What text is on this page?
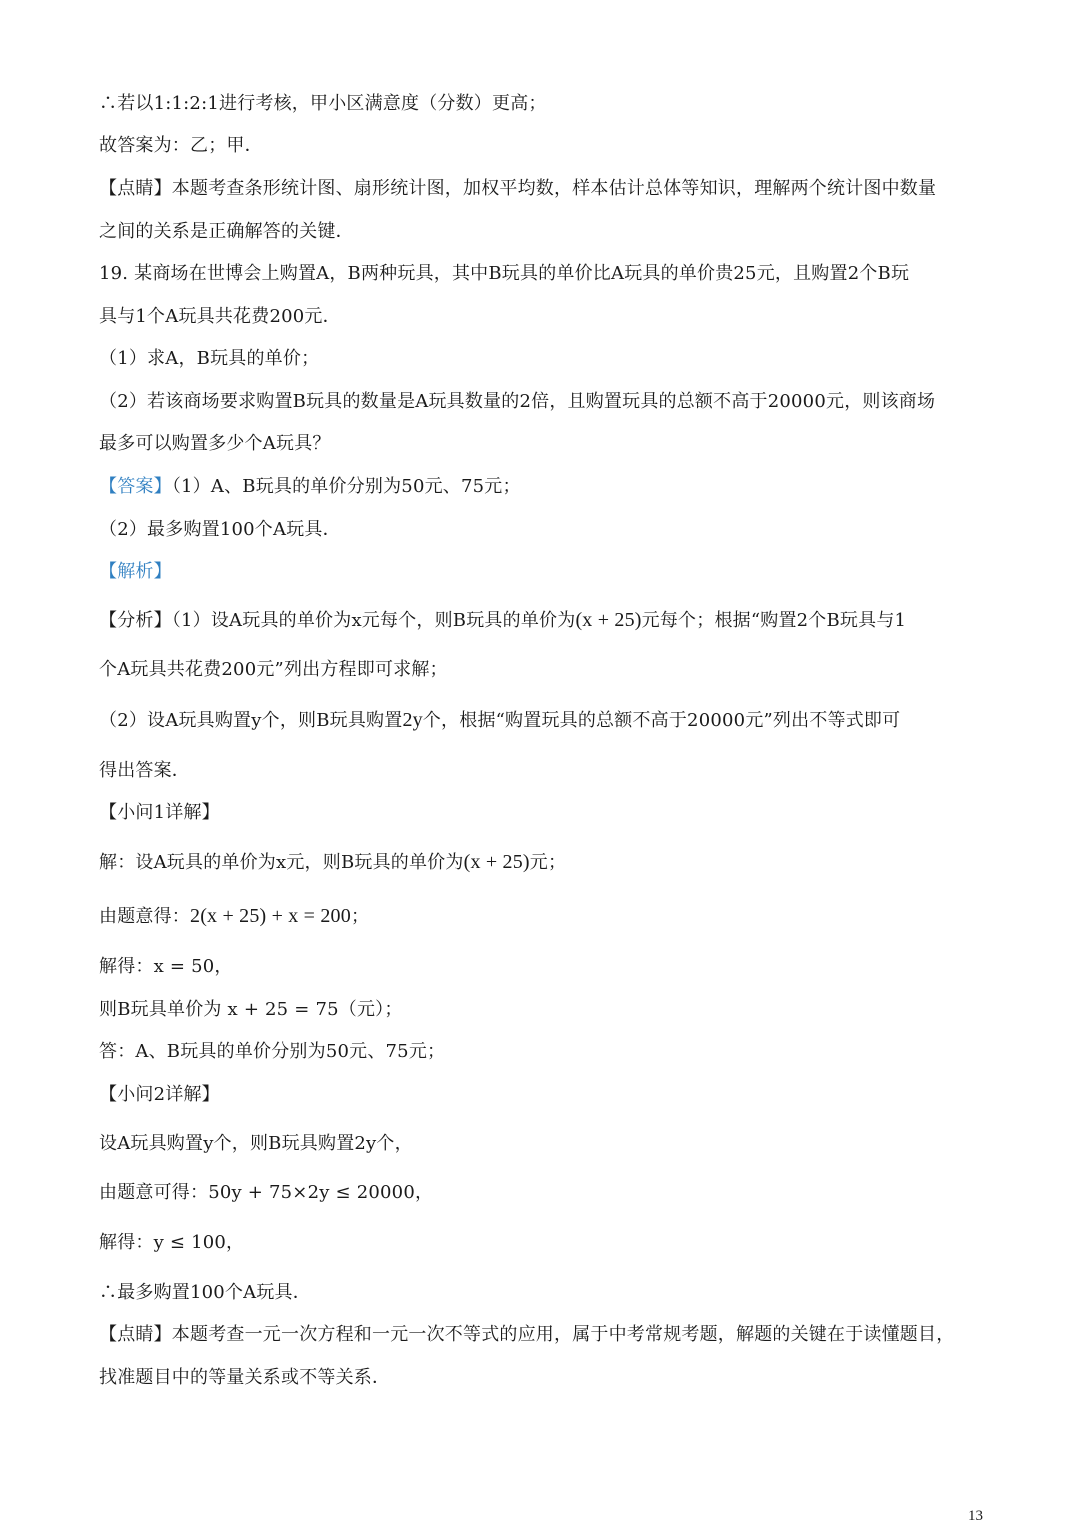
∴若以1:1:2:1进行考核，甲小区满意度（分数）更高；
故答案为：乙；甲．
【点睛】本题考查条形统计图、扇形统计图，加权平均数，样本估计总体等知识，理解两个统计图中数量
之间的关系是正确解答的关键．
19. 某商场在世博会上购置A，B两种玩具，其中B玩具的单价比A玩具的单价贵25元，且购置2个B玩
具与1个A玩具共花费200元．
（1）求A，B玩具的单价；
（2）若该商场要求购置B玩具的数量是A玩具数量的2倍，且购置玩具的总额不高于20000元，则该商场
最多可以购置多少个A玩具？
（2）最多购置100个A玩具．
个A玩具共花费200元”列出方程即可求解；
得出答案．
【小问1详解】
解得：x = 50，
则B玩具单价为 x + 25 = 75（元）；
答：A、B玩具的单价分别为50元、75元；
【小问2详解】
设A玩具购置y个，则B玩具购置2y个，
由题意可得：50y + 75×2y ≤ 20000，
解得：y ≤ 100，
∴最多购置100个A玩具．
【点睛】本题考查一元一次方程和一元一次不等式的应用，属于中考常规考题，解题的关键在于读懂题目，
找准题目中的等量关系或不等关系．
【答案】（1）A、B玩具的单价分别为50元、75元；
【解析】
【分析】（1）设A玩具的单价为x元每个，则B玩具的单价为(x + 25)元每个；根据“购置2个B玩具与1
（2）设A玩具购置y个，则B玩具购置2y个，根据“购置玩具的总额不高于20000元”列出不等式即可
解：设A玩具的单价为x元，则B玩具的单价为(x + 25)元；
由题意得：2(x + 25) + x = 200；
13
